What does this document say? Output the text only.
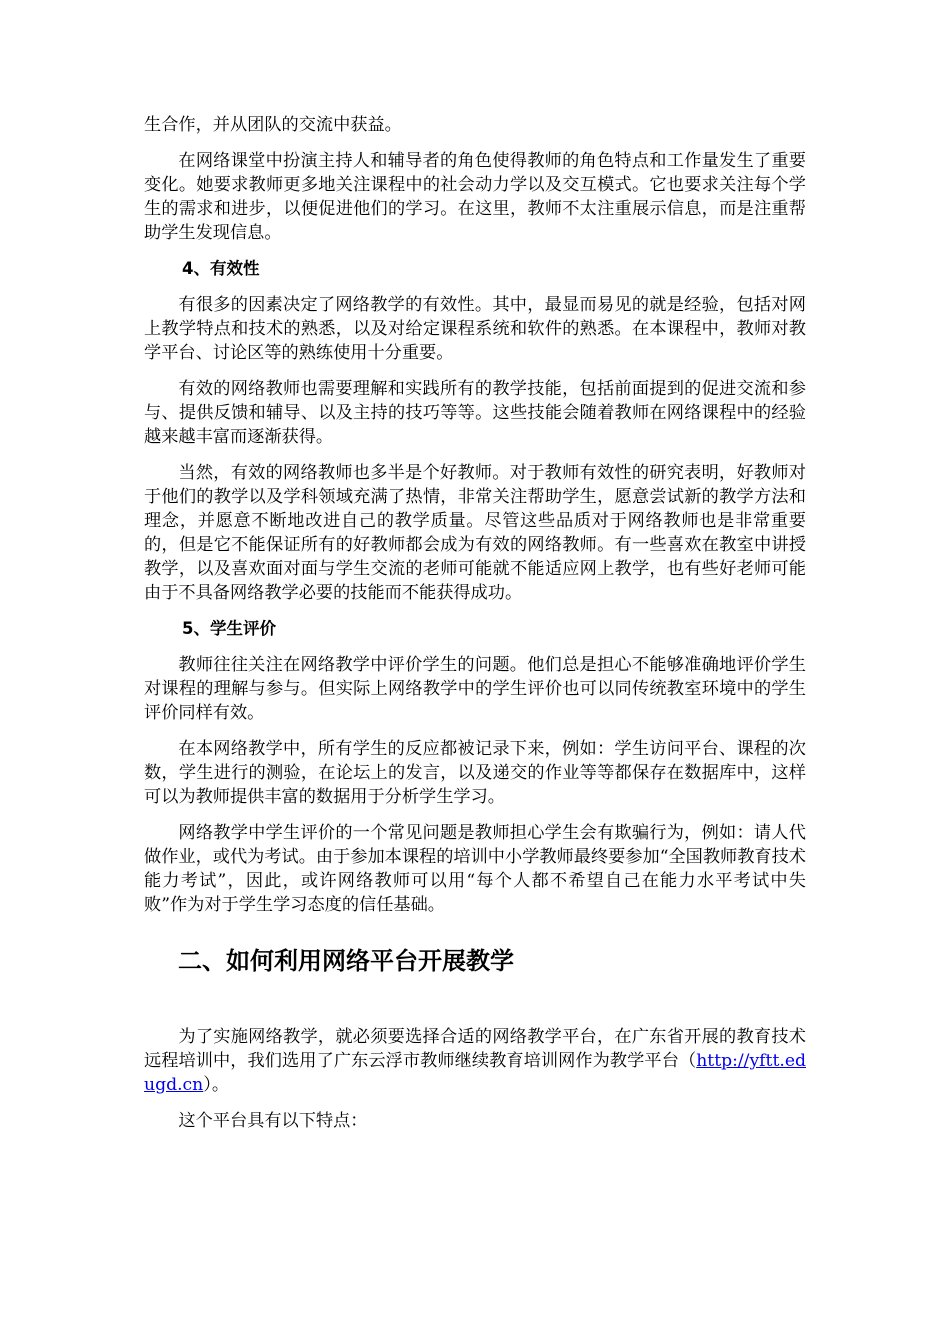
生合作，并从团队的交流中获益。

在网络课堂中扮演主持人和辅导者的角色使得教师的角色特点和工作量发生了重要变化。她要求教师更多地关注课程中的社会动力学以及交互模式。它也要求关注每个学生的需求和进步，以便促进他们的学习。在这里，教师不太注重展示信息，而是注重帮助学生发现信息。

4、有效性

有很多的因素决定了网络教学的有效性。其中，最显而易见的就是经验，包括对网上教学特点和技术的熟悉，以及对给定课程系统和软件的熟悉。在本课程中，教师对教学平台、讨论区等的熟练使用十分重要。

有效的网络教师也需要理解和实践所有的教学技能，包括前面提到的促进交流和参与、提供反馈和辅导、以及主持的技巧等等。这些技能会随着教师在网络课程中的经验越来越丰富而逐渐获得。

当然，有效的网络教师也多半是个好教师。对于教师有效性的研究表明，好教师对于他们的教学以及学科领域充满了热情，非常关注帮助学生，愿意尝试新的教学方法和理念，并愿意不断地改进自己的教学质量。尽管这些品质对于网络教师也是非常重要的，但是它不能保证所有的好教师都会成为有效的网络教师。有一些喜欢在教室中讲授教学，以及喜欢面对面与学生交流的老师可能就不能适应网上教学，也有些好老师可能由于不具备网络教学必要的技能而不能获得成功。

5、学生评价

教师往往关注在网络教学中评价学生的问题。他们总是担心不能够准确地评价学生对课程的理解与参与。但实际上网络教学中的学生评价也可以同传统教室环境中的学生评价同样有效。

在本网络教学中，所有学生的反应都被记录下来，例如：学生访问平台、课程的次数，学生进行的测验，在论坛上的发言，以及递交的作业等等都保存在数据库中，这样可以为教师提供丰富的数据用于分析学生学习。

网络教学中学生评价的一个常见问题是教师担心学生会有欺骗行为，例如：请人代做作业，或代为考试。由于参加本课程的培训中小学教师最终要参加“全国教师教育技术能力考试”，因此，或许网络教师可以用“每个人都不希望自己在能力水平考试中失败”作为对于学生学习态度的信任基础。

二、如何利用网络平台开展教学

为了实施网络教学，就必须要选择合适的网络教学平台，在广东省开展的教育技术远程培训中，我们选用了广东云浮市教师继续教育培训网作为教学平台（http://yftt.edugd.cn）。

这个平台具有以下特点：
